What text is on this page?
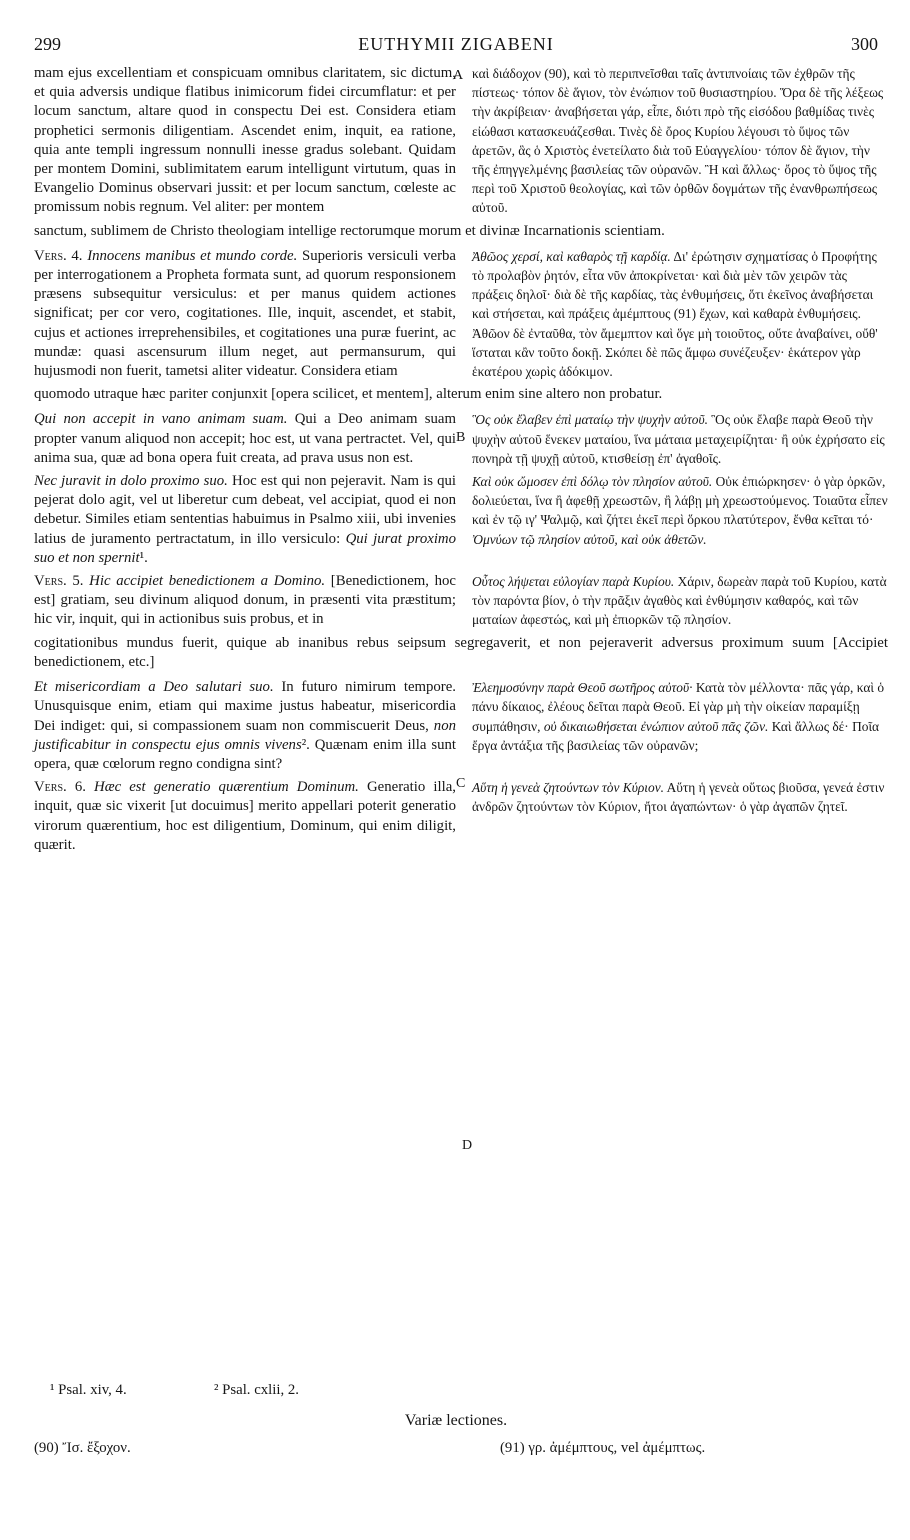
299	EUTHYMII ZIGABENI	300

mam ejus excellentiam et conspicuam omnibus claritatem, sic dictum, et quia adversis undique flatibus inimicorum fidei circumflatur: et per locum sanctum, altare quod in conspectu Dei est. Considera etiam prophetici sermonis diligentiam. Ascendet enim, inquit, ea ratione, quia ante templi ingressum nonnulli inesse gradus solebant. Quidam per montem Domini, sublimitatem earum intelligunt virtutum, quas in Evangelio Dominus observari jussit: et per locum sanctum, cœleste ac promissum nobis regnum. Vel aliter: per montem

καὶ διάδοχον (90), καὶ τὸ περιπνεῖσθαι ταῖς ἀντιπνοίαις τῶν ἐχθρῶν τῆς πίστεως· τόπον δὲ ἅγιον, τὸν ἐνώπιον τοῦ θυσιαστηρίου. Ὅρα δὲ τῆς λέξεως τὴν ἀκρίβειαν· ἀναβήσεται γάρ, εἶπε, διότι πρὸ τῆς εἰσόδου βαθμίδας τινὲς εἰώθασι κατασκευάζεσθαι. Τινὲς δὲ ὄρος Κυρίου λέγουσι τὸ ὕψος τῶν ἀρετῶν, ἃς ὁ Χριστὸς ἐνετείλατο διὰ τοῦ Εὐαγγελίου· τόπον δὲ ἅγιον, τὴν τῆς ἐπηγγελμένης βασιλείας τῶν οὐρανῶν. Ἢ καὶ ἄλλως· ὄρος τὸ ὕψος τῆς περὶ τοῦ Χριστοῦ θεολογίας, καὶ τῶν ὀρθῶν δογμάτων τῆς ἐνανθρωπήσεως αὐτοῦ.

sanctum, sublimem de Christo theologiam intellige rectorumque morum et divinæ Incarnationis scientiam.

Vers. 4. Innocens manibus et mundo corde. Superioris versiculi verba per interrogationem a Propheta formata sunt, ad quorum responsionem præsens subsequitur versiculus: et per manus quidem actiones significat; per cor vero, cogitationes. Ille, inquit, ascendet, et stabit, cujus et actiones irreprehensibiles, et cogitationes una puræ fuerint, ac mundæ: quasi ascensurum illum neget, aut permansurum, qui hujusmodi non fuerit, tametsi aliter videatur. Considera etiam

Ἀθῶος χερσί, καὶ καθαρὸς τῇ καρδίᾳ. Δι' ἐρώτησιν σχηματίσας ὁ Προφήτης τὸ προλαβὸν ῥητόν, εἶτα νῦν ἀποκρίνεται· καὶ διὰ μὲν τῶν χειρῶν τὰς πράξεις δηλοῖ· διὰ δὲ τῆς καρδίας, τὰς ἐνθυμήσεις, ὅτι ἐκεῖνος ἀναβήσεται καὶ στήσεται, καὶ πράξεις ἀμέμπτους (91) ἔχων, καὶ καθαρὰ ἐνθυμήσεις. Ἀθῶον δὲ ἐνταῦθα, τὸν ἄμεμπτον καὶ ὅγε μὴ τοιοῦτος, οὔτε ἀναβαίνει, οὔθ' ἵσταται κἂν τοῦτο δοκῇ. Σκόπει δὲ πῶς ἄμφω συνέζευξεν· ἑκάτερον γὰρ ἑκατέρου χωρὶς ἀδόκιμον.

quomodo utraque hæc pariter conjunxit [opera scilicet, et mentem], alterum enim sine altero non probatur.

Qui non accepit in vano animam suam. Qui a Deo animam suam propter vanum aliquod non accepit; hoc est, ut vana pertractet. Vel, qui anima sua, quæ ad bona opera fuit creata, ad prava usus non est.

Ὃς οὐκ ἔλαβεν ἐπὶ ματαίῳ τὴν ψυχὴν αὐτοῦ. Ὃς οὐκ ἔλαβε παρὰ Θεοῦ τὴν ψυχὴν αὐτοῦ ἕνεκεν ματαίου, ἵνα μάταια μεταχειρίζηται· ἢ οὐκ ἐχρήσατο εἰς πονηρὰ τῇ ψυχῇ αὐτοῦ, κτισθείσῃ ἐπ' ἀγαθοῖς.

Nec juravit in dolo proximo suo. Hoc est qui non pejeravit. Nam is qui pejerat dolo agit, vel ut liberetur cum debeat, vel accipiat, quod ei non debetur. Similes etiam sententias habuimus in Psalmo xiii, ubi invenies latius de juramento pertractatum, in illo versiculo: Qui jurat proximo suo et non spernit¹.

Καὶ οὐκ ὤμοσεν ἐπὶ δόλῳ τὸν πλησίον αὐτοῦ. Οὐκ ἐπιώρκησεν· ὁ γὰρ ὀρκῶν, δολιεύεται, ἵνα ἢ ἀφεθῇ χρεωστῶν, ἢ λάβῃ μὴ χρεωστούμενος. Τοιαῦτα εἶπεν καὶ ἐν τῷ ιγ' Ψαλμῷ, καὶ ζήτει ἐκεῖ περὶ ὅρκου πλατύτερον, ἔνθα κεῖται τό· Ὀμνύων τῷ πλησίον αὐτοῦ, καὶ οὐκ ἀθετῶν.

Vers. 5. Hic accipiet benedictionem a Domino. [Benedictionem, hoc est] gratiam, seu divinum aliquod donum, in præsenti vita præstitum; hic vir, inquit, qui in actionibus suis probus, et in

Οὗτος λήψεται εὐλογίαν παρὰ Κυρίου. Χάριν, δωρεὰν παρὰ τοῦ Κυρίου, κατὰ τὸν παρόντα βίον, ὁ τὴν πρᾶξιν ἀγαθὸς καὶ ἐνθύμησιν καθαρός, καὶ τῶν ματαίων ἀφεστώς, καὶ μὴ ἐπιορκῶν τῷ πλησίον.

cogitationibus mundus fuerit, quique ab inanibus rebus seipsum segregaverit, et non pejeraverit adversus proximum suum [Accipiet benedictionem, etc.]

Et misericordiam a Deo salutari suo. In futuro nimirum tempore. Unusquisque enim, etiam qui maxime justus habeatur, misericordia Dei indiget: qui, si compassionem suam non commiscuerit Deus, non justificabitur in conspectu ejus omnis vivens². Quænam enim illa sunt opera, quæ cœlorum regno condigna sint?

Ἐλεημοσύνην παρὰ Θεοῦ σωτῆρος αὐτοῦ· Κατὰ τὸν μέλλοντα· πᾶς γάρ, καὶ ὁ πάνυ δίκαιος, ἐλέους δεῖται παρὰ Θεοῦ. Εἰ γὰρ μὴ τὴν οἰκείαν παραμίξῃ συμπάθησιν, οὐ δικαιωθήσεται ἐνώπιον αὐτοῦ πᾶς ζῶν. Καὶ ἄλλως δέ· Ποῖα ἔργα ἀντάξια τῆς βασιλείας τῶν οὐρανῶν;

Vers. 6. Hæc est generatio quærentium Dominum. Generatio illa, inquit, quæ sic vixerit [ut docuimus] merito appellari poterit generatio virorum quærentium, hoc est diligentium, Dominum, qui enim diligit, quærit.

Αὕτη ἡ γενεὰ ζητούντων τὸν Κύριον. Αὕτη ἡ γενεὰ οὕτως βιοῦσα, γενεά ἐστιν ἀνδρῶν ζητούντων τὸν Κύριον, ἤτοι ἀγαπώντων· ὁ γὰρ ἀγαπῶν ζητεῖ.

A
B
C
D
¹ Psal. xiv, 4.	² Psal. cxlii, 2.
Variæ lectiones.
(90) Ἴσ. ἔξοχον.	(91) γρ. ἀμέμπτους, vel ἀμέμπτως.
